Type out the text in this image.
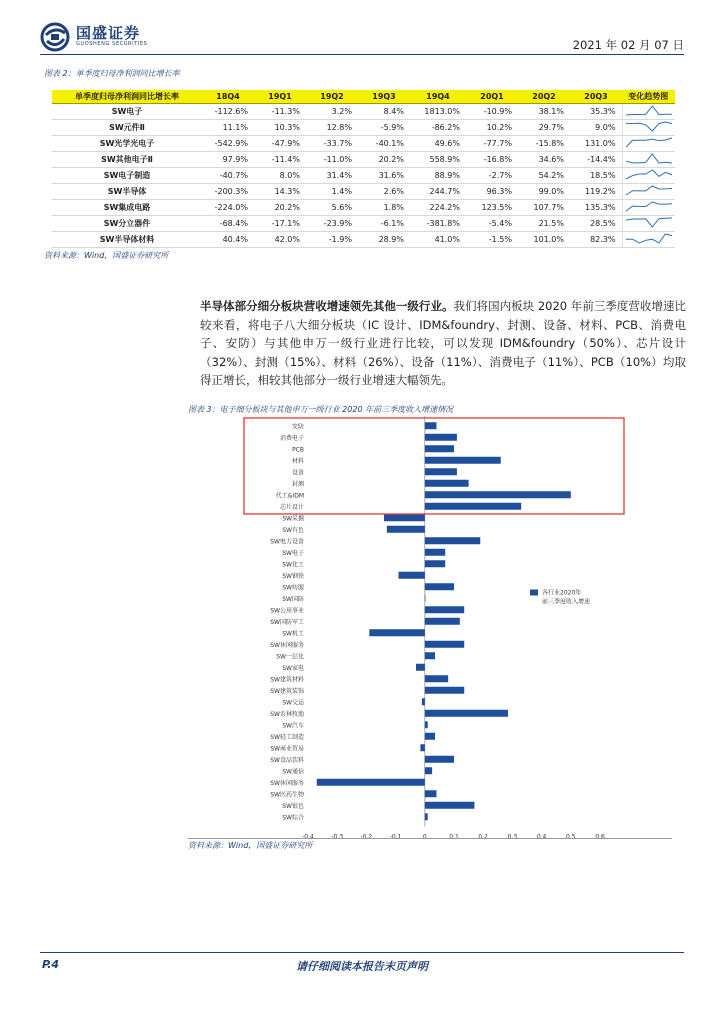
国盛证券
GUOSHENG SECURITIES	2021 年 02 月 07 日
图表 2：单季度归母净利润同比增长率
单季度归母净利润同比增长率	18Q4	19Q1	19Q2	19Q3	19Q4	20Q1	20Q2	20Q3	变化趋势图
SW电子	-112.6%	-11.3%	3.2%	8.4%	1813.0%	-10.9%	38.1%	35.3%	
SW元件Ⅱ	11.1%	10.3%	12.8%	-5.9%	-86.2%	10.2%	29.7%	9.0%	
SW光学光电子	-542.9%	-47.9%	-33.7%	-40.1%	49.6%	-77.7%	-15.8%	131.0%	
SW其他电子Ⅱ	97.9%	-11.4%	-11.0%	20.2%	558.9%	-16.8%	34.6%	-14.4%	
SW电子制造	-40.7%	8.0%	31.4%	31.6%	88.9%	-2.7%	54.2%	18.5%	
SW半导体	-200.3%	14.3%	1.4%	2.6%	244.7%	96.3%	99.0%	119.2%	
SW集成电路	-224.0%	20.2%	5.6%	1.8%	224.2%	123.5%	107.7%	135.3%	
SW分立器件	-68.4%	-17.1%	-23.9%	-6.1%	-381.8%	-5.4%	21.5%	28.5%	
SW半导体材料	40.4%	42.0%	-1.9%	28.9%	41.0%	-1.5%	101.0%	82.3%	
资料来源：Wind，国盛证券研究所
半导体部分细分板块营收增速领先其他一级行业。我们将国内板块 2020 年前三季度营收增速比较来看，将电子八大细分板块（IC 设计、IDM&foundry、封测、设备、材料、PCB、消费电子、安防）与其他申万一级行业进行比较，可以发现 IDM&foundry（50%）、芯片设计（32%）、封测（15%）、材料（26%）、设备（11%）、消费电子（11%）、PCB（10%）均取得正增长，相较其他部分一级行业增速大幅领先。
图表 3：电子细分板块与其他申万一级行业 2020 年前三季度收入增速情况
安防
消费电子
PCB
材料
设备
封测
代工&IDM
芯片设计
SW采掘
SW有色
SW电力设备
SW电子
SW化工
SW钢铁
SW纺服
SW国防
SW公用事业
SW国防军工
SW机工
SW休闲服务
SW一层化
SW家电
SW建筑材料
SW建筑装饰
SW交运
SW农林牧渔
SW汽车
SW轻工制造
SW商业贸易
SW食品饮料
SW通信
SW休闲服务
SW医药生物
SW银色
SW综合
-0.4	-0.3	-0.2	-0.1	0	0.1	0.2	0.3	0.4	0.5	0.6
各行业2020年
前三季度收入增速
资料来源：Wind，国盛证券研究所
P.4	请仔细阅读本报告末页声明
